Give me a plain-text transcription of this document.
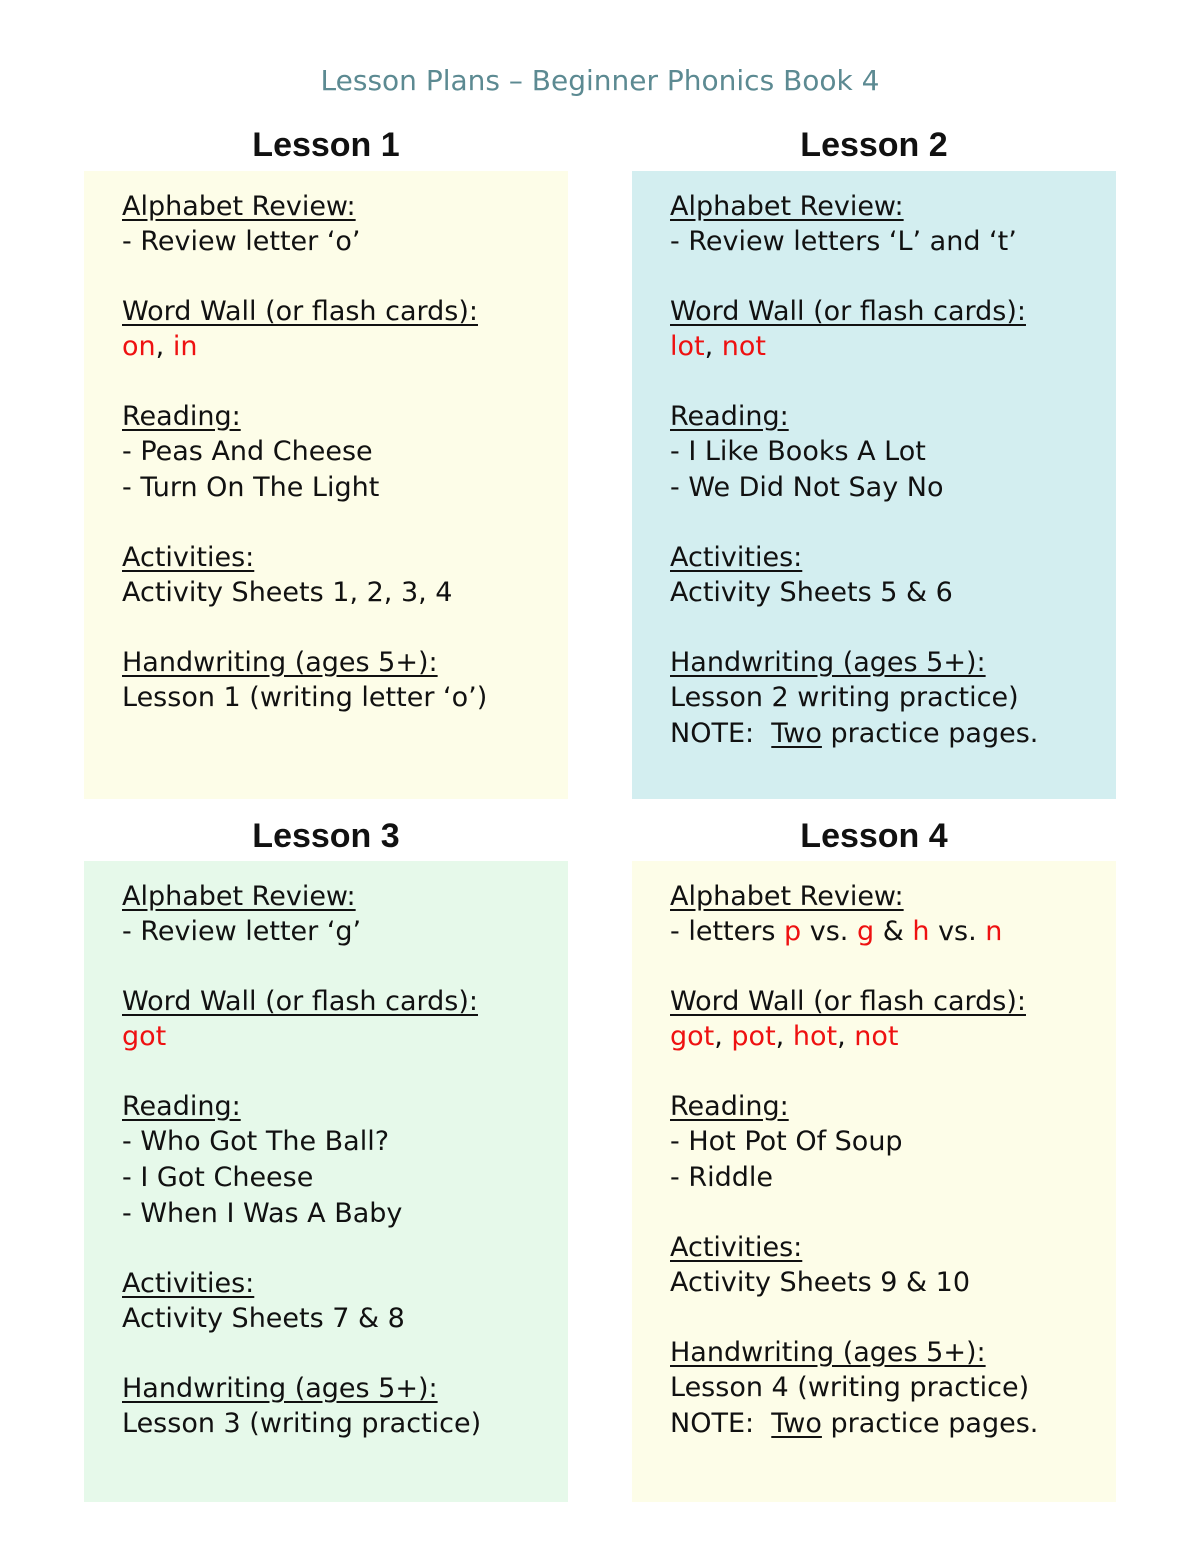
Lesson Plans – Beginner Phonics Book 4
Lesson 1
Alphabet Review:
- Review letter ‘o’
Word Wall (or flash cards):
on, in
Reading:
- Peas And Cheese
- Turn On The Light
Activities:
Activity Sheets 1, 2, 3, 4
Handwriting (ages 5+):
Lesson 1 (writing letter ‘o’)
Lesson 2
Alphabet Review:
- Review letters ‘L’ and ‘t’
Word Wall (or flash cards):
lot, not
Reading:
- I Like Books A Lot
- We Did Not Say No
Activities:
Activity Sheets 5 & 6
Handwriting (ages 5+):
Lesson 2 writing practice)
NOTE: Two practice pages.
Lesson 3
Alphabet Review:
- Review letter ‘g’
Word Wall (or flash cards):
got
Reading:
- Who Got The Ball?
- I Got Cheese
- When I Was A Baby
Activities:
Activity Sheets 7 & 8
Handwriting (ages 5+):
Lesson 3 (writing practice)
Lesson 4
Alphabet Review:
- letters p vs. g & h vs. n
Word Wall (or flash cards):
got, pot, hot, not
Reading:
- Hot Pot Of Soup
- Riddle
Activities:
Activity Sheets 9 & 10
Handwriting (ages 5+):
Lesson 4 (writing practice)
NOTE: Two practice pages.
